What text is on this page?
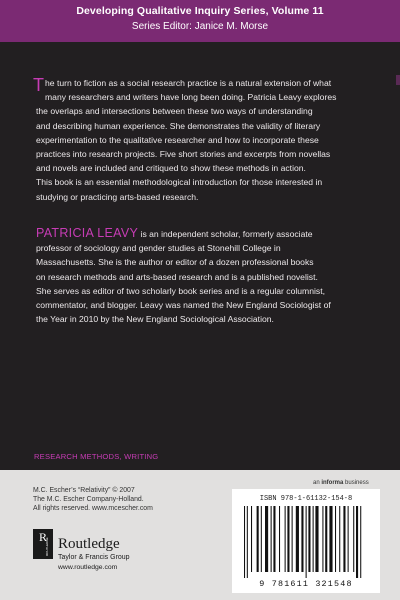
Developing Qualitative Inquiry Series, Volume 11
Series Editor: Janice M. Morse
T he turn to fiction as a social research practice is a natural extension of what
many researchers and writers have long been doing. Patricia Leavy explores
the overlaps and intersections between these two ways of understanding
and describing human experience. She demonstrates the validity of literary
experimentation to the qualitative researcher and how to incorporate these
practices into research projects. Five short stories and excerpts from novellas
and novels are included and critiqued to show these methods in action.
This book is an essential methodological introduction for those interested in
studying or practicing arts-based research.
PATRICIA LEAVY is an independent scholar, formerly associate
professor of sociology and gender studies at Stonehill College in
Massachusetts. She is the author or editor of a dozen professional books
on research methods and arts-based research and is a published novelist.
She serves as editor of two scholarly book series and is a regular columnist,
commentator, and blogger. Leavy was named the New England Sociologist of
the Year in 2010 by the New England Sociological Association.
RESEARCH METHODS, WRITING
M.C. Escher’s “Relativity” © 2007
The M.C. Escher Company-Holland.
All rights reserved. www.mcescher.com
R
ROUTLEDGE Routledge
Taylor & Francis Group
www.routledge.com
an informa business
ISBN 978-1-61132-154-8
9 781611 321548
